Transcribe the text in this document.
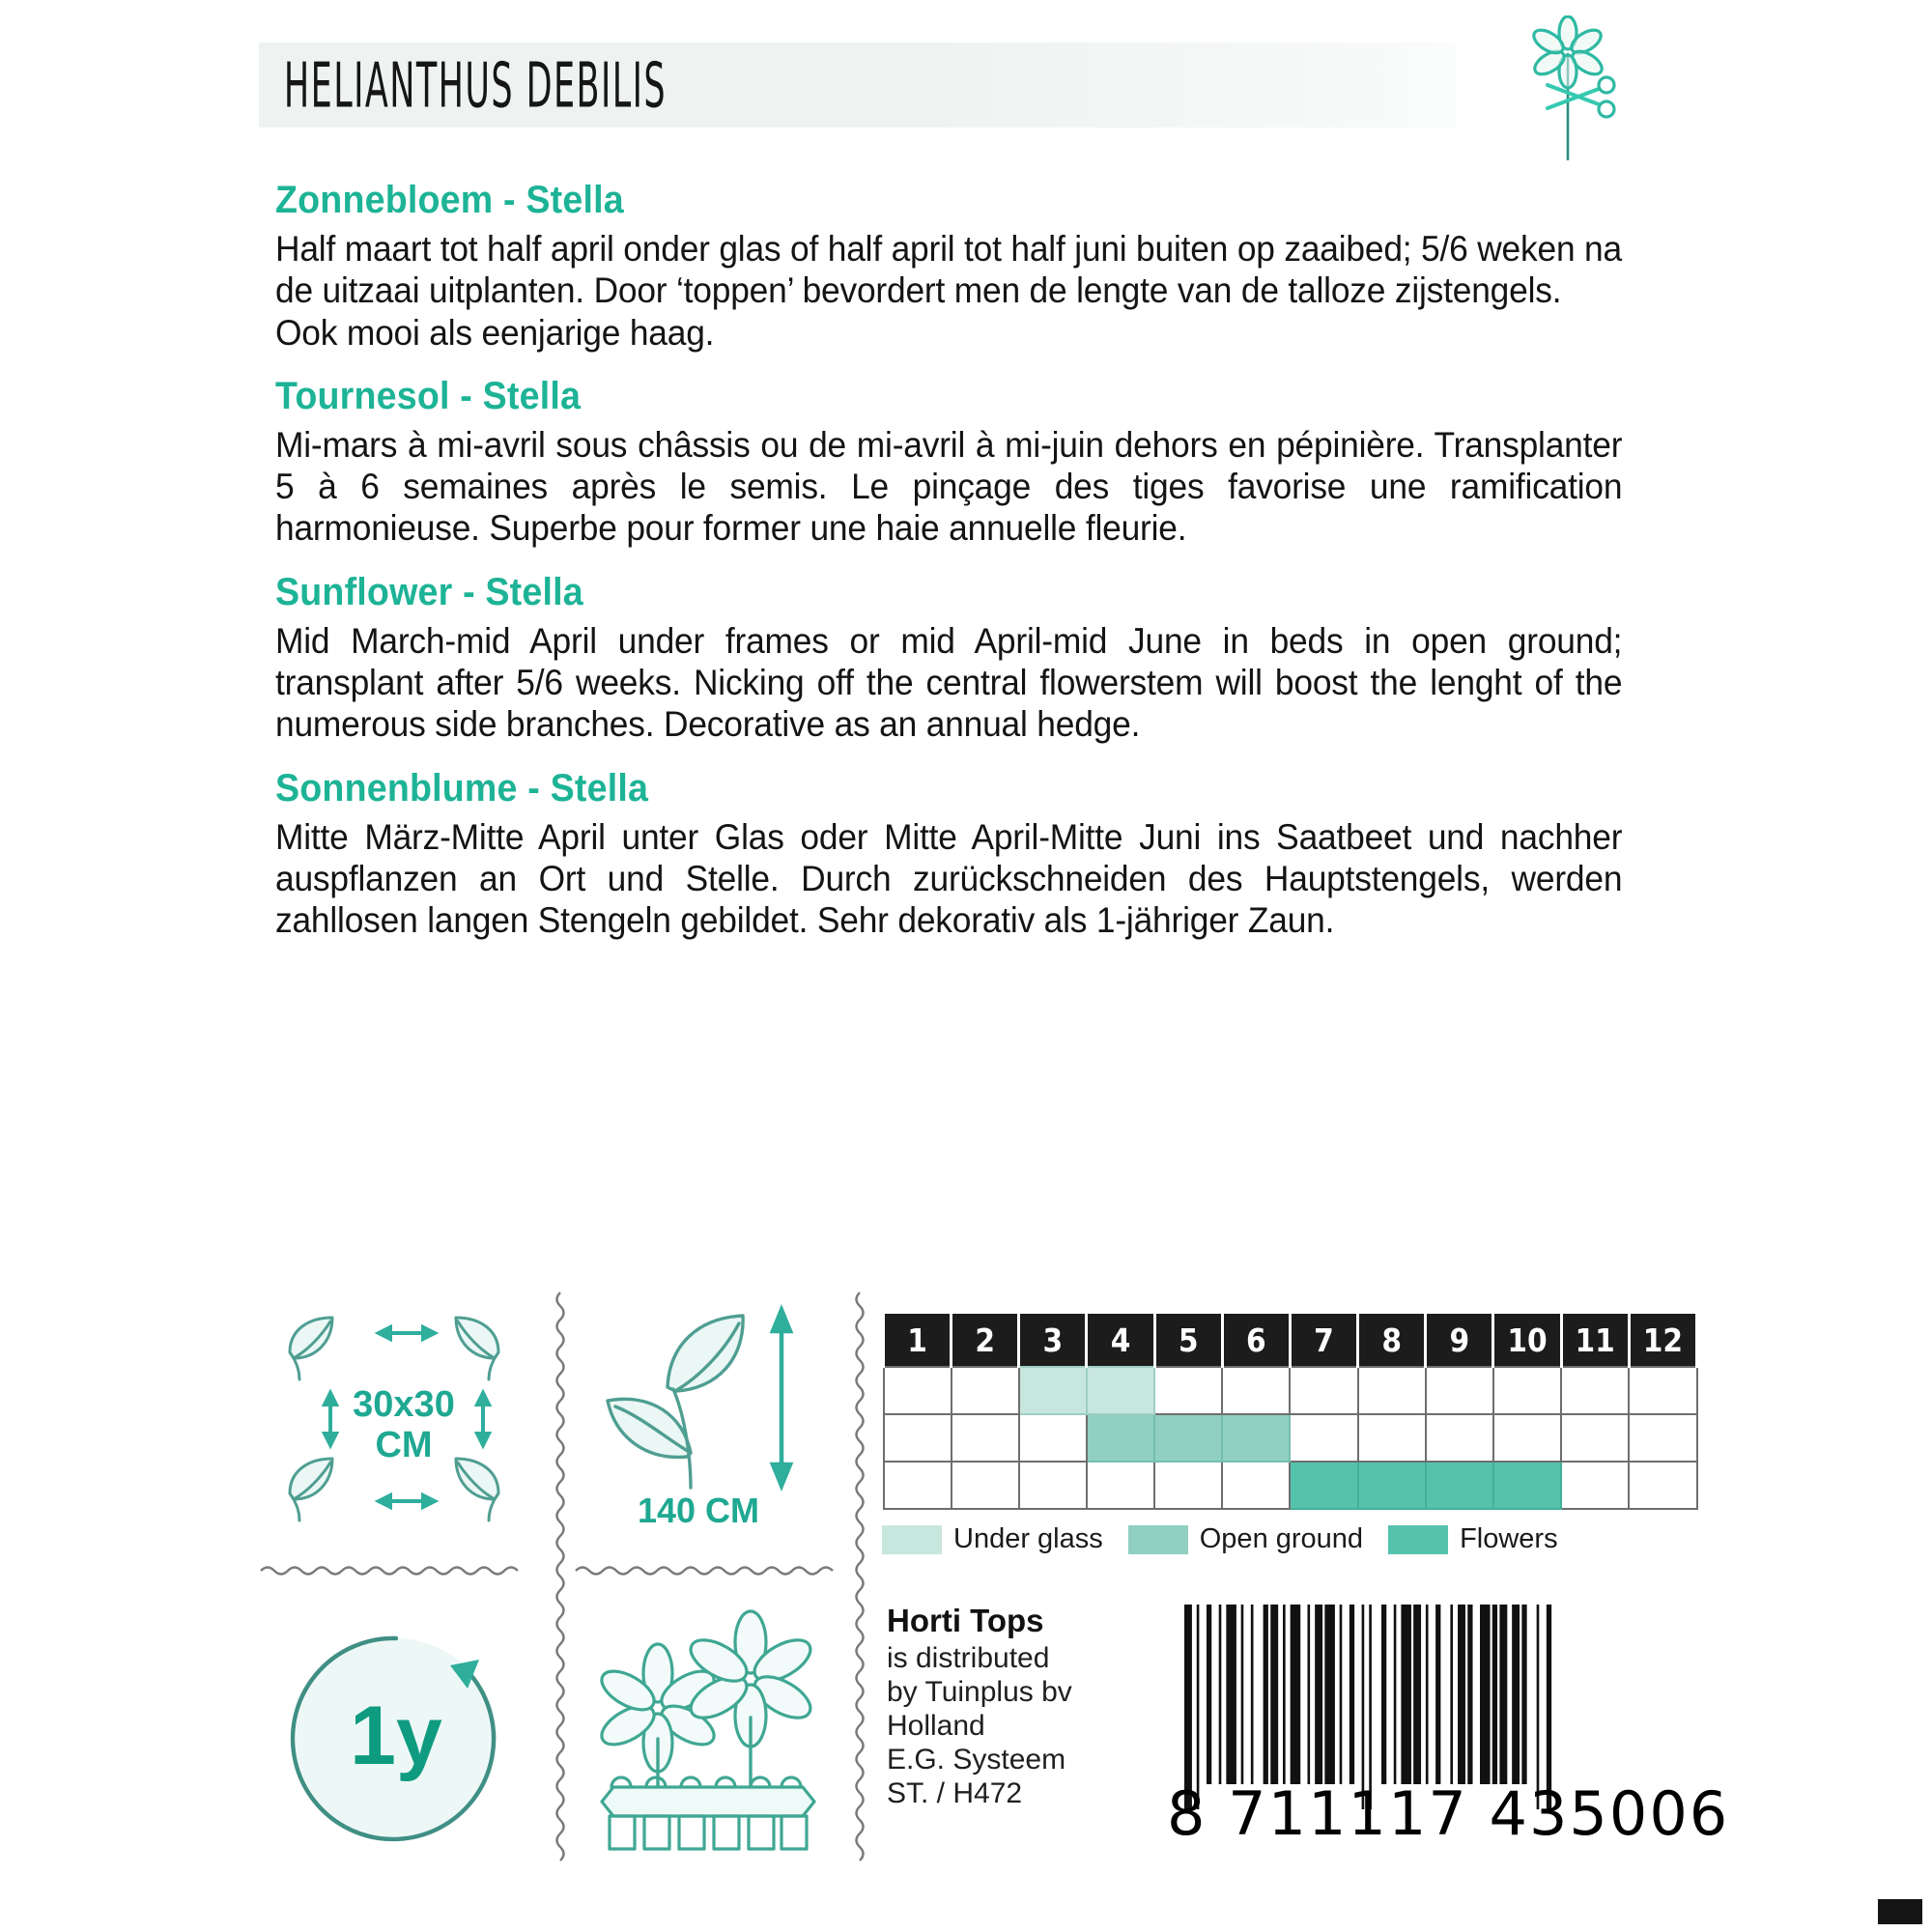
HELIANTHUS DEBILIS
Zonnebloem - Stella

Half maart tot half april onder glas of half april tot half juni buiten op zaaibed; 5/6 weken na de uitzaai uitplanten. Door ‘toppen’ bevordert men de lengte van de talloze zijstengels. Ook mooi als eenjarige haag.

Tournesol - Stella

Mi-mars à mi-avril sous châssis ou de mi-avril à mi-juin dehors en pépinière. Transplanter 5 à 6 semaines après le semis. Le pinçage des tiges favorise une ramification harmonieuse. Superbe pour former une haie annuelle fleurie.

Sunflower - Stella

Mid March-mid April under frames or mid April-mid June in beds in open ground; transplant after 5/6 weeks. Nicking off the central flowerstem will boost the lenght of the numerous side branches. Decorative as an annual hedge.

Sonnenblume - Stella

Mitte März-Mitte April unter Glas oder Mitte April-Mitte Juni ins Saatbeet und nachher auspflanzen an Ort und Stelle. Durch zurückschneiden des Hauptstengels, werden zahllosen langen Stengeln gebildet. Sehr dekorativ als 1-jähriger Zaun.

30x30
CM
140 CM
1y
1	2	3	4	5	6	7	8	9	10	11	12

Under glass	Open ground	Flowers
Horti Tops
is distributed
by Tuinplus bv
Holland
E.G. Systeem
ST. / H472	8 711117 435006
